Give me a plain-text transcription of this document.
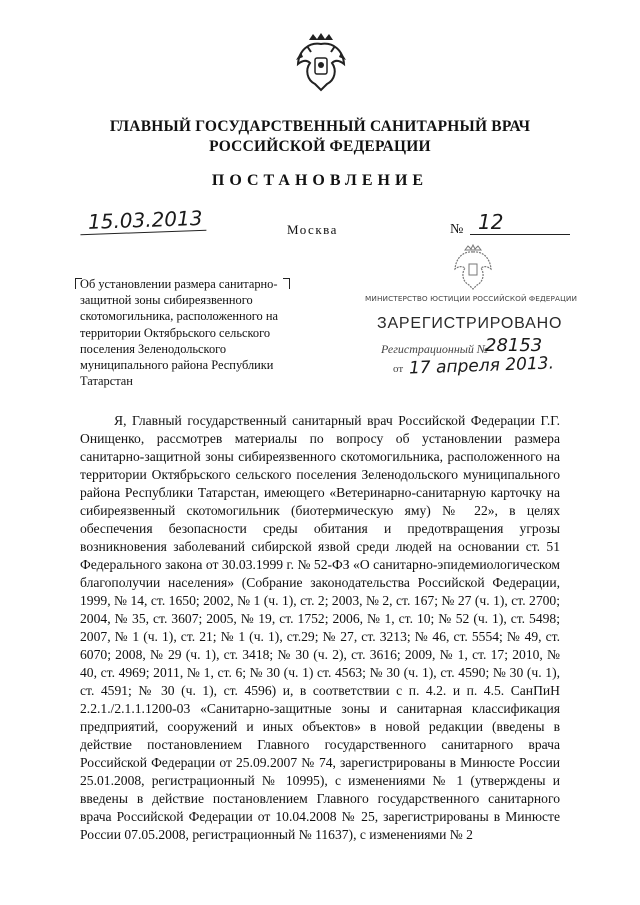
ГЛАВНЫЙ ГОСУДАРСТВЕННЫЙ САНИТАРНЫЙ ВРАЧ
РОССИЙСКОЙ ФЕДЕРАЦИИ
ПОСТАНОВЛЕНИЕ
15.03.2013	Москва	№ 12
Об установлении размера санитарно-защитной зоны сибиреязвенного скотомогильника, расположенного на территории Октябрьского сельского поселения Зеленодольского муниципального района Республики Татарстан
МИНИСТЕРСТВО ЮСТИЦИИ РОССИЙСКОЙ ФЕДЕРАЦИИ
ЗАРЕГИСТРИРОВАНО
Регистрационный №
28153
от 17 апреля 2013.
Я, Главный государственный санитарный врач Российской Федерации Г.Г. Онищенко, рассмотрев материалы по вопросу об установлении размера санитарно-защитной зоны сибиреязвенного скотомогильника, расположенного на территории Октябрьского сельского поселения Зеленодольского муниципального района Республики Татарстан, имеющего «Ветеринарно-санитарную карточку на сибиреязвенный скотомогильник (биотермическую яму) № 22», в целях обеспечения безопасности среды обитания и предотвращения угрозы возникновения заболеваний сибирской язвой среди людей на основании ст. 51 Федерального закона от 30.03.1999 г. № 52-ФЗ «О санитарно-эпидемиологическом благополучии населения» (Собрание законодательства Российской Федерации, 1999, № 14, ст. 1650; 2002, № 1 (ч. 1), ст. 2; 2003, № 2, ст. 167; № 27 (ч. 1), ст. 2700; 2004, № 35, ст. 3607; 2005, № 19, ст. 1752; 2006, № 1, ст. 10; № 52 (ч. 1), ст. 5498; 2007, № 1 (ч. 1), ст. 21; № 1 (ч. 1), ст.29; № 27, ст. 3213; № 46, ст. 5554; № 49, ст. 6070; 2008, № 29 (ч. 1), ст. 3418; № 30 (ч. 2), ст. 3616; 2009, № 1, ст. 17; 2010, № 40, ст. 4969; 2011, № 1, ст. 6; № 30 (ч. 1) ст. 4563; № 30 (ч. 1), ст. 4590; № 30 (ч. 1), ст. 4591; № 30 (ч. 1), ст. 4596) и, в соответствии с п. 4.2. и п. 4.5. СанПиН 2.2.1./2.1.1.1200-03 «Санитарно-защитные зоны и санитарная классификация предприятий, сооружений и иных объектов» в новой редакции (введены в действие постановлением Главного государственного санитарного врача Российской Федерации от 25.09.2007 № 74, зарегистрированы в Минюсте России 25.01.2008, регистрационный № 10995), с изменениями № 1 (утверждены и введены в действие постановлением Главного государственного санитарного врача Российской Федерации от 10.04.2008 № 25, зарегистрированы в Минюсте России 07.05.2008, регистрационный № 11637), с изменениями № 2
